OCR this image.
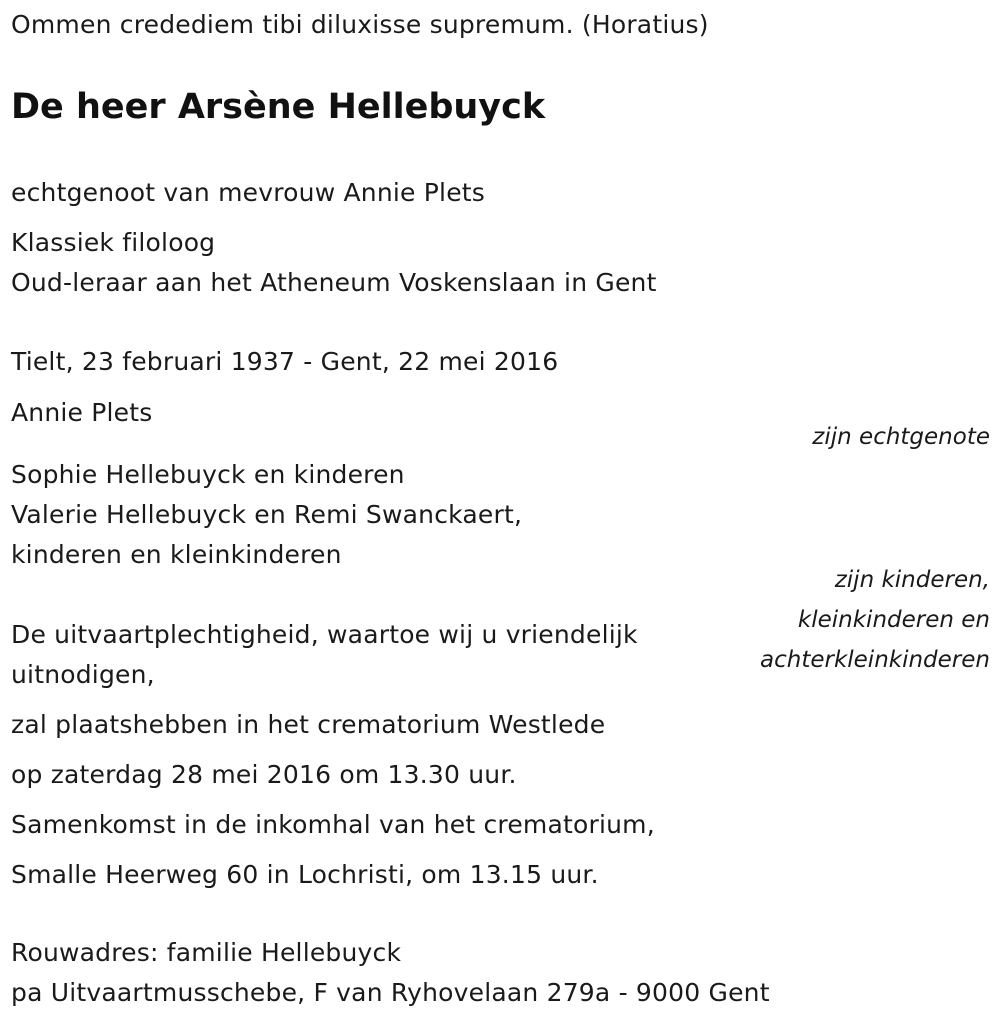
Ommen credediem tibi diluxisse supremum. (Horatius)
De heer Arsène Hellebuyck
echtgenoot van mevrouw Annie Plets
Klassiek filoloog
Oud-leraar aan het Atheneum Voskenslaan in Gent
Tielt, 23 februari 1937 - Gent, 22 mei 2016
Annie Plets
zijn echtgenote
Sophie Hellebuyck en kinderen
Valerie Hellebuyck en Remi Swanckaert,
kinderen en kleinkinderen
zijn kinderen,
kleinkinderen en
achterkleinkinderen
De uitvaartplechtigheid, waartoe wij u vriendelijk
uitnodigen,
zal plaatshebben in het crematorium Westlede
op zaterdag 28 mei 2016 om 13.30 uur.
Samenkomst in de inkomhal van het crematorium,
Smalle Heerweg 60 in Lochristi, om 13.15 uur.
Rouwadres: familie Hellebuyck
pa Uitvaartmusschebe, F van Ryhovelaan 279a - 9000 Gent
